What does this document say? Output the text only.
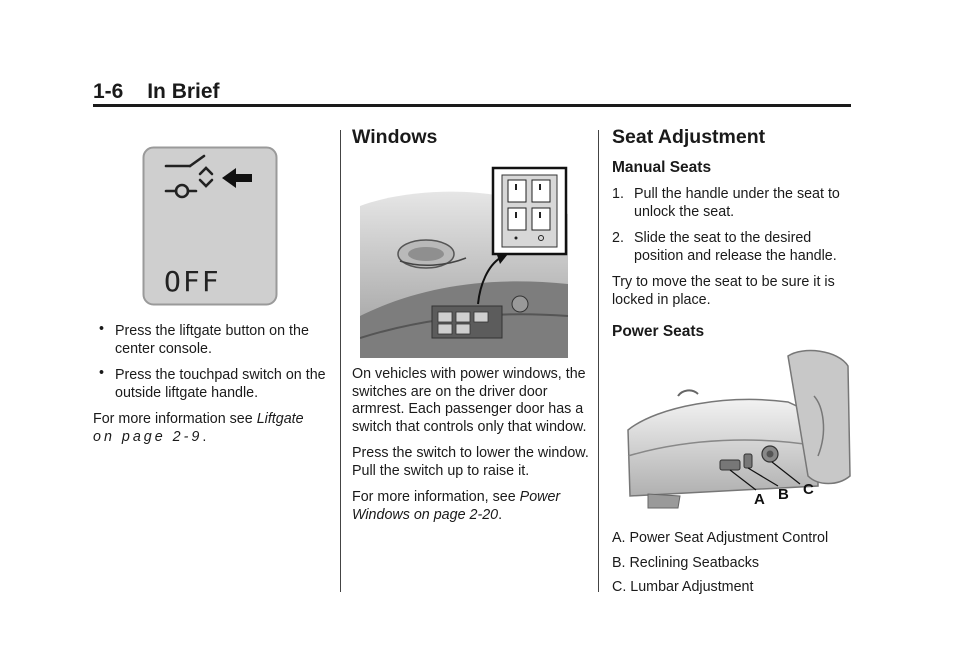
1-6 In Brief
OFF
• Press the liftgate button on the center console.
• Press the touchpad switch on the outside liftgate handle.

For more information see Liftgate
on page 2-9.

Windows

On vehicles with power windows, the switches are on the driver door armrest. Each passenger door has a switch that controls only that window.

Press the switch to lower the window. Pull the switch up to raise it.

For more information, see Power Windows on page 2-20.

Seat Adjustment
Manual Seats
1. Pull the handle under the seat to unlock the seat.
2. Slide the seat to the desired position and release the handle.

Try to move the seat to be sure it is locked in place.

Power Seats
A B C

A. Power Seat Adjustment Control

B. Reclining Seatbacks

C. Lumbar Adjustment
